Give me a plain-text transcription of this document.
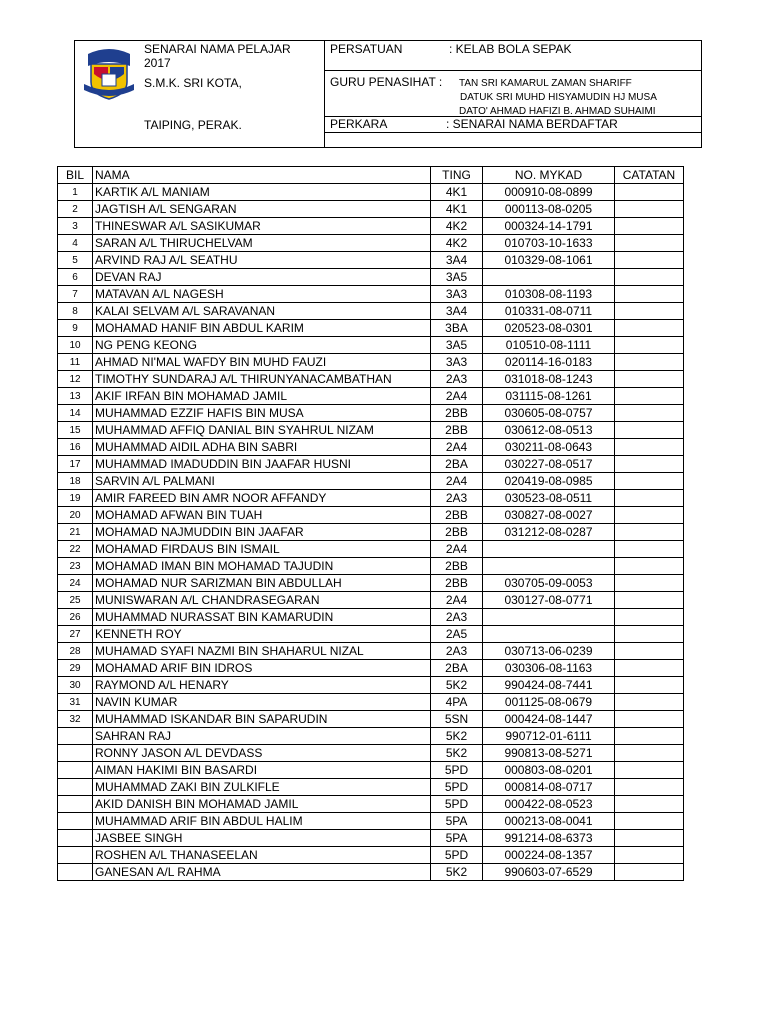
SENARAI NAMA PELAJAR
2017
S.M.K. SRI KOTA,
TAIPING, PERAK.
PERSATUAN	: KELAB BOLA SEPAK
GURU PENASIHAT : TAN SRI KAMARUL ZAMAN SHARIFF
DATUK SRI MUHD HISYAMUDIN HJ MUSA
DATO' AHMAD HAFIZI B. AHMAD SUHAIMI
PERKARA	: SENARAI NAMA BERDAFTAR
BIL	NAMA	TING	NO. MYKAD	CATATAN
1	KARTIK A/L MANIAM	4K1	000910-08-0899	
2	JAGTISH A/L SENGARAN	4K1	000113-08-0205	
3	THINESWAR A/L SASIKUMAR	4K2	000324-14-1791	
4	SARAN A/L THIRUCHELVAM	4K2	010703-10-1633	
5	ARVIND RAJ A/L SEATHU	3A4	010329-08-1061	
6	DEVAN RAJ	3A5		
7	MATAVAN A/L NAGESH	3A3	010308-08-1193	
8	KALAI SELVAM A/L SARAVANAN	3A4	010331-08-0711	
9	MOHAMAD HANIF BIN ABDUL KARIM	3BA	020523-08-0301	
10	NG PENG KEONG	3A5	010510-08-1111	
11	AHMAD NI'MAL WAFDY BIN MUHD FAUZI	3A3	020114-16-0183	
12	TIMOTHY SUNDARAJ A/L THIRUNYANACAMBATHAN	2A3	031018-08-1243	
13	AKIF IRFAN BIN MOHAMAD JAMIL	2A4	031115-08-1261	
14	MUHAMMAD EZZIF HAFIS BIN MUSA	2BB	030605-08-0757	
15	MUHAMMAD AFFIQ DANIAL BIN SYAHRUL NIZAM	2BB	030612-08-0513	
16	MUHAMMAD AIDIL ADHA BIN SABRI	2A4	030211-08-0643	
17	MUHAMMAD IMADUDDIN BIN JAAFAR HUSNI	2BA	030227-08-0517	
18	SARVIN A/L PALMANI	2A4	020419-08-0985	
19	AMIR FAREED BIN AMR NOOR AFFANDY	2A3	030523-08-0511	
20	MOHAMAD AFWAN BIN TUAH	2BB	030827-08-0027	
21	MOHAMAD NAJMUDDIN BIN JAAFAR	2BB	031212-08-0287	
22	MOHAMAD FIRDAUS BIN ISMAIL	2A4		
23	MOHAMAD IMAN BIN MOHAMAD TAJUDIN	2BB		
24	MOHAMAD NUR SARIZMAN BIN ABDULLAH	2BB	030705-09-0053	
25	MUNISWARAN A/L CHANDRASEGARAN	2A4	030127-08-0771	
26	MUHAMMAD NURASSAT BIN KAMARUDIN	2A3		
27	KENNETH ROY	2A5		
28	MUHAMAD SYAFI NAZMI BIN SHAHARUL NIZAL	2A3	030713-06-0239	
29	MOHAMAD ARIF BIN IDROS	2BA	030306-08-1163	
30	RAYMOND A/L HENARY	5K2	990424-08-7441	
31	NAVIN KUMAR	4PA	001125-08-0679	
32	MUHAMMAD ISKANDAR BIN SAPARUDIN	5SN	000424-08-1447	
	SAHRAN RAJ	5K2	990712-01-6111	
	RONNY JASON A/L DEVDASS	5K2	990813-08-5271	
	AIMAN HAKIMI BIN BASARDI	5PD	000803-08-0201	
	MUHAMMAD ZAKI BIN ZULKIFLE	5PD	000814-08-0717	
	AKID DANISH BIN MOHAMAD JAMIL	5PD	000422-08-0523	
	MUHAMMAD ARIF BIN ABDUL HALIM	5PA	000213-08-0041	
	JASBEE SINGH	5PA	991214-08-6373	
	ROSHEN A/L THANASEELAN	5PD	000224-08-1357	
	GANESAN A/L RAHMA	5K2	990603-07-6529	
